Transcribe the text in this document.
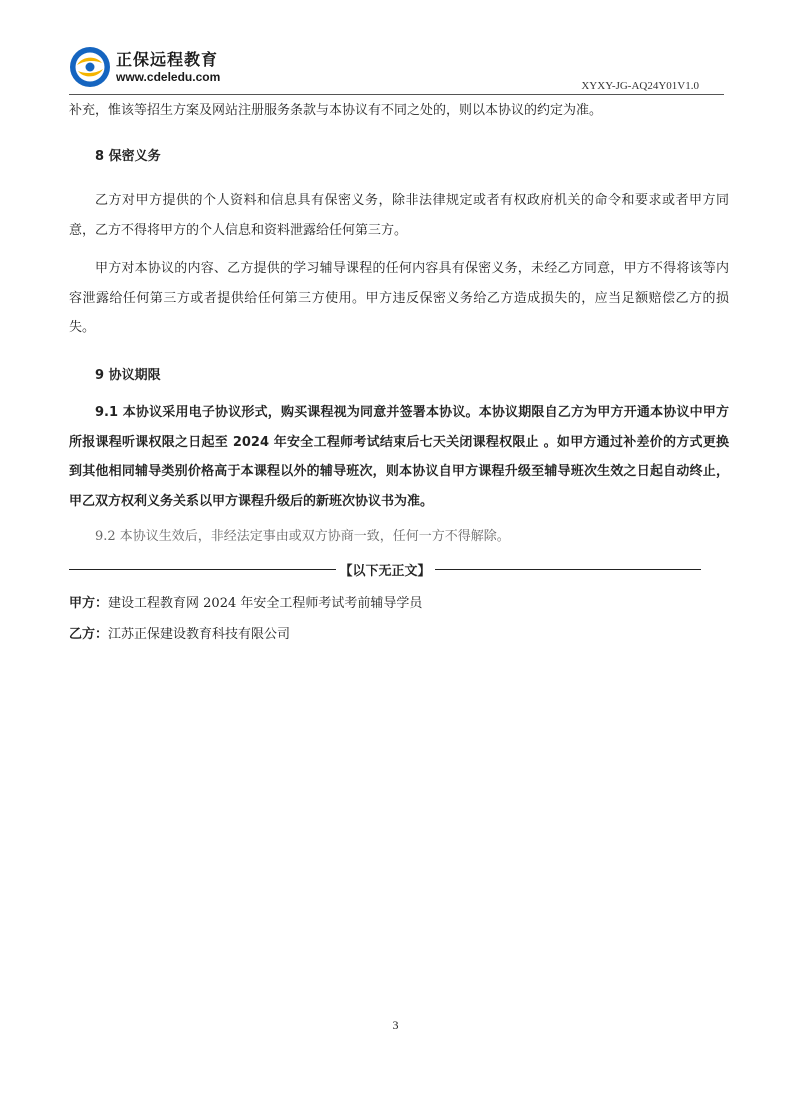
正保远程教育
www.cdeledu.com
XYXY-JG-AQ24Y01V1.0

补充，惟该等招生方案及网站注册服务条款与本协议有不同之处的，则以本协议的约定为准。

8 保密义务

乙方对甲方提供的个人资料和信息具有保密义务，除非法律规定或者有权政府机关的命令和要求或者甲方同意，乙方不得将甲方的个人信息和资料泄露给任何第三方。

甲方对本协议的内容、乙方提供的学习辅导课程的任何内容具有保密义务，未经乙方同意，甲方不得将该等内容泄露给任何第三方或者提供给任何第三方使用。甲方违反保密义务给乙方造成损失的，应当足额赔偿乙方的损失。

9 协议期限

9.1 本协议采用电子协议形式，购买课程视为同意并签署本协议。本协议期限自乙方为甲方开通本协议中甲方所报课程听课权限之日起至 2024 年安全工程师考试结束后七天关闭课程权限止 。如甲方通过补差价的方式更换到其他相同辅导类别价格高于本课程以外的辅导班次，则本协议自甲方课程升级至辅导班次生效之日起自动终止，甲乙双方权利义务关系以甲方课程升级后的新班次协议书为准。

9.2 本协议生效后，非经法定事由或双方协商一致，任何一方不得解除。

【以下无正文】
甲方：建设工程教育网 2024 年安全工程师考试考前辅导学员
乙方：江苏正保建设教育科技有限公司
3
